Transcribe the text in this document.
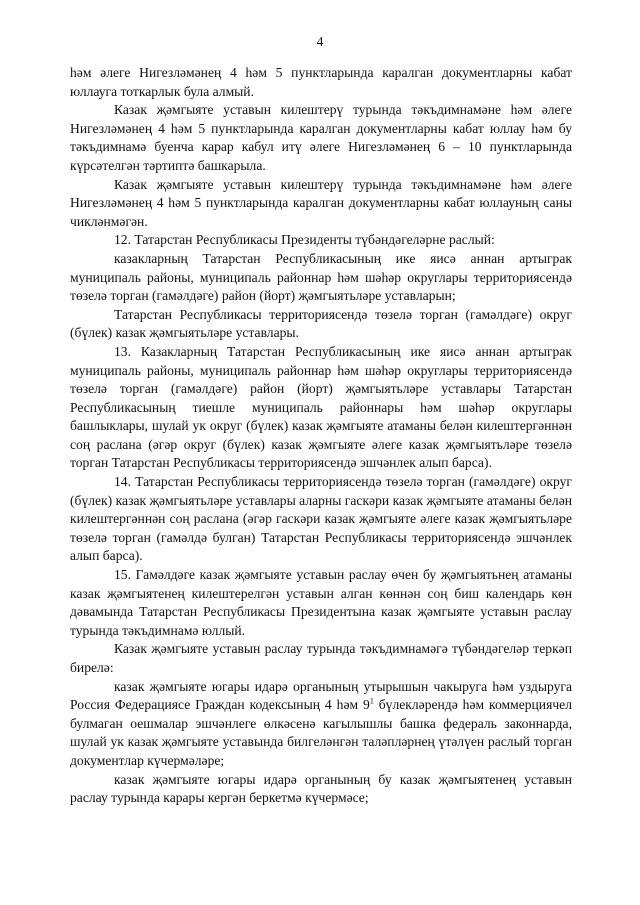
4

һәм әлеге Нигезләмәнең 4 һәм 5 пунктларында каралган документларны кабат юллауга тоткарлык була алмый.

Казак җәмгыяте уставын килештерү турында тәкъдимнамәне һәм әлеге Нигезләмәнең 4 һәм 5 пунктларында каралган документларны кабат юллау һәм бу тәкъдимнамә буенча карар кабул итү әлеге Нигезләмәнең 6 – 10 пунктларында күрсәтелгән тәртиптә башкарыла.

Казак җәмгыяте уставын килештерү турында тәкъдимнамәне һәм әлеге Нигезләмәнең 4 һәм 5 пунктларында каралган документларны кабат юллауның саны чикләнмәгән.

12. Татарстан Республикасы Президенты түбәндәгеләрне раслый:

казакларның Татарстан Республикасының ике яисә аннан артыграк муниципаль районы, муниципаль районнар һәм шәһәр округлары территориясендә төзелә торган (гамәлдәге) район (йорт) җәмгыятьләре уставларын;

Татарстан Республикасы территориясендә төзелә торган (гамәлдәге) округ (бүлек) казак җәмгыятьләре уставлары.

13. Казакларның Татарстан Республикасының ике яисә аннан артыграк муниципаль районы, муниципаль районнар һәм шәһәр округлары территориясендә төзелә торган (гамәлдәге) район (йорт) җәмгыятьләре уставлары Татарстан Республикасының тиешле муниципаль районнары һәм шәһәр округлары башлыклары, шулай ук округ (бүлек) казак җәмгыяте атаманы белән килештергәннән соң раслана (әгәр округ (бүлек) казак җәмгыяте әлеге казак җәмгыятьләре төзелә торган Татарстан Республикасы территориясендә эшчәнлек алып барса).

14. Татарстан Республикасы территориясендә төзелә торган (гамәлдәге) округ (бүлек) казак җәмгыятьләре уставлары аларны гаскәри казак җәмгыяте атаманы белән килештергәннән соң раслана (әгәр гаскәри казак җәмгыяте әлеге казак җәмгыятьләре төзелә торган (гамәлдә булган) Татарстан Республикасы территориясендә эшчәнлек алып барса).

15. Гамәлдәге казак җәмгыяте уставын раслау өчен бу җәмгыятьнең атаманы казак җәмгыятенең килештерелгән уставын алган көннән соң биш календарь көн дәвамында Татарстан Республикасы Президентына казак җәмгыяте уставын раслау турында тәкъдимнамә юллый.

Казак җәмгыяте уставын раслау турында тәкъдимнамәгә түбәндәгеләр теркәп бирелә:

казак җәмгыяте югары идарә органының утырышын чакыруга һәм уздыруга Россия Федерациясе Граждан кодексының 4 һәм $9^1$ бүлекләрендә һәм коммерциячел булмаган оешмалар эшчәнлеге өлкәсенә кагылышлы башка федераль законнарда, шулай ук казак җәмгыяте уставында билгеләнгән таләпләрнең үтәлүен раслый торган документлар күчермәләре;

казак җәмгыяте югары идарә органының бу казак җәмгыятенең уставын раслау турында карары кергән беркетмә күчермәсе;
